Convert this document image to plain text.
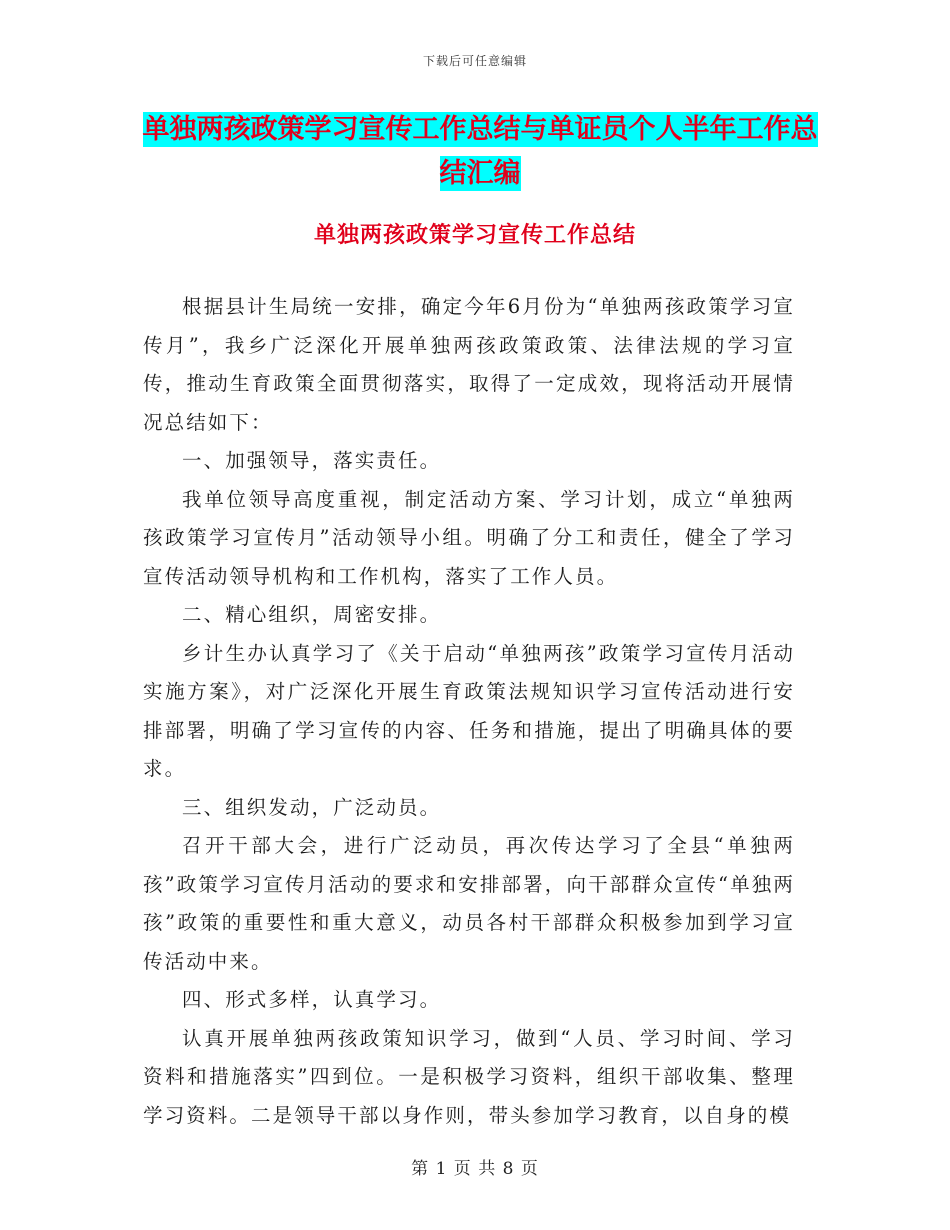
下载后可任意编辑
单独两孩政策学习宣传工作总结与单证员个人半年工作总结汇编
单独两孩政策学习宣传工作总结

根据县计生局统一安排，确定今年6月份为“单独两孩政策学习宣传月”，我乡广泛深化开展单独两孩政策政策、法律法规的学习宣传，推动生育政策全面贯彻落实，取得了一定成效，现将活动开展情况总结如下：

一、加强领导，落实责任。

我单位领导高度重视，制定活动方案、学习计划，成立“单独两孩政策学习宣传月”活动领导小组。明确了分工和责任，健全了学习宣传活动领导机构和工作机构，落实了工作人员。

二、精心组织，周密安排。

乡计生办认真学习了《关于启动“单独两孩”政策学习宣传月活动实施方案》，对广泛深化开展生育政策法规知识学习宣传活动进行安排部署，明确了学习宣传的内容、任务和措施，提出了明确具体的要求。

三、组织发动，广泛动员。

召开干部大会，进行广泛动员，再次传达学习了全县“单独两孩”政策学习宣传月活动的要求和安排部署，向干部群众宣传“单独两孩”政策的重要性和重大意义，动员各村干部群众积极参加到学习宣传活动中来。

四、形式多样，认真学习。

认真开展单独两孩政策知识学习，做到“人员、学习时间、学习资料和措施落实”四到位。一是积极学习资料，组织干部收集、整理学习资料。二是领导干部以身作则，带头参加学习教育，以自身的模

第 1 页 共 8 页
